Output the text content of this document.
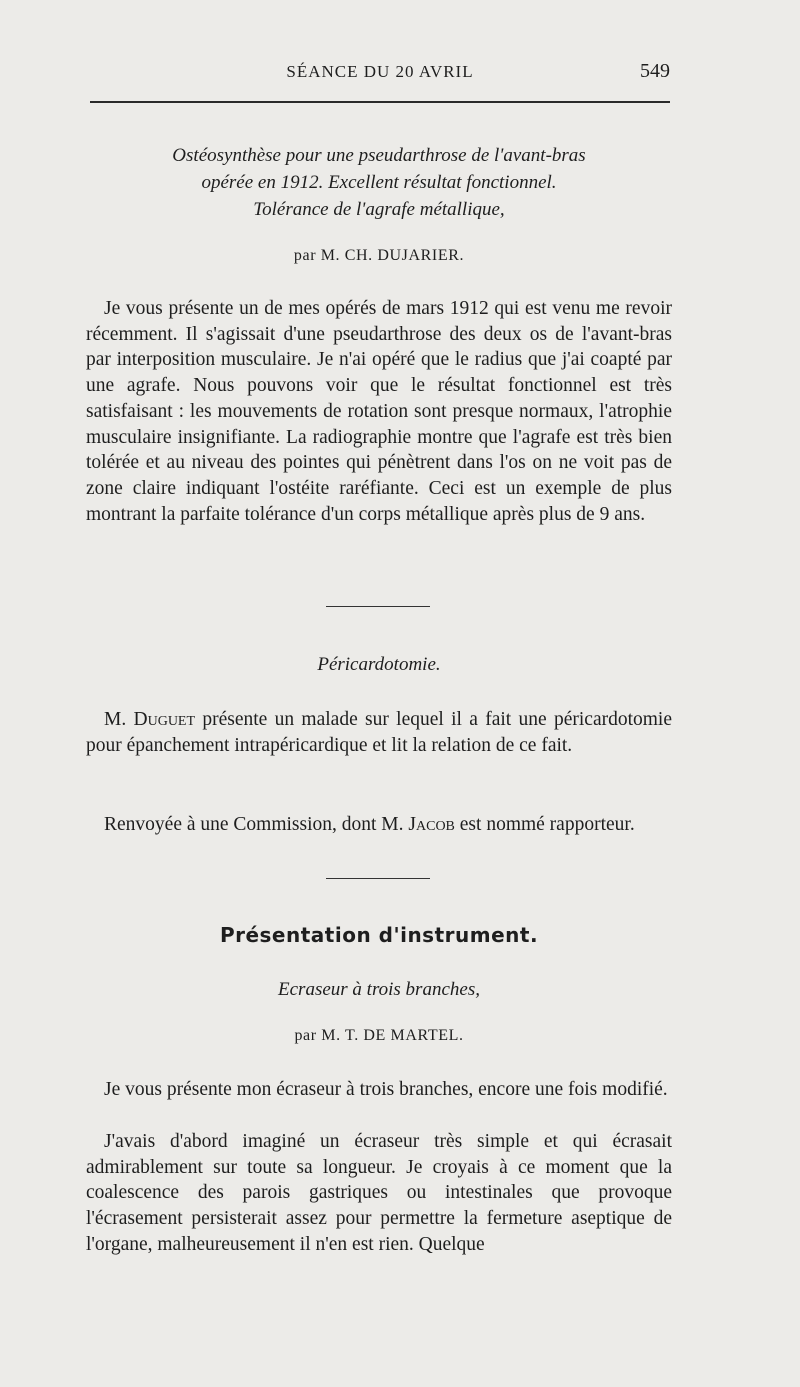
SÉANCE DU 20 AVRIL	549
Ostéosynthèse pour une pseudarthrose de l'avant-bras
opérée en 1912. Excellent résultat fonctionnel.
Tolérance de l'agrafe métallique,
par M. CH. DUJARIER.

Je vous présente un de mes opérés de mars 1912 qui est venu me revoir récemment. Il s'agissait d'une pseudarthrose des deux os de l'avant-bras par interposition musculaire. Je n'ai opéré que le radius que j'ai coapté par une agrafe. Nous pouvons voir que le résultat fonctionnel est très satisfaisant : les mouvements de rotation sont presque normaux, l'atrophie musculaire insignifiante. La radiographie montre que l'agrafe est très bien tolérée et au niveau des pointes qui pénètrent dans l'os on ne voit pas de zone claire indiquant l'ostéite raréfiante. Ceci est un exemple de plus montrant la parfaite tolérance d'un corps métallique après plus de 9 ans.

Péricardotomie.

M. Duguet présente un malade sur lequel il a fait une péricardotomie pour épanchement intrapéricardique et lit la relation de ce fait.

Renvoyée à une Commission, dont M. Jacob est nommé rapporteur.

Présentation d'instrument.
Ecraseur à trois branches,
par M. T. DE MARTEL.

Je vous présente mon écraseur à trois branches, encore une fois modifié.

J'avais d'abord imaginé un écraseur très simple et qui écrasait admirablement sur toute sa longueur. Je croyais à ce moment que la coalescence des parois gastriques ou intestinales que provoque l'écrasement persisterait assez pour permettre la fermeture aseptique de l'organe, malheureusement il n'en est rien. Quelque
